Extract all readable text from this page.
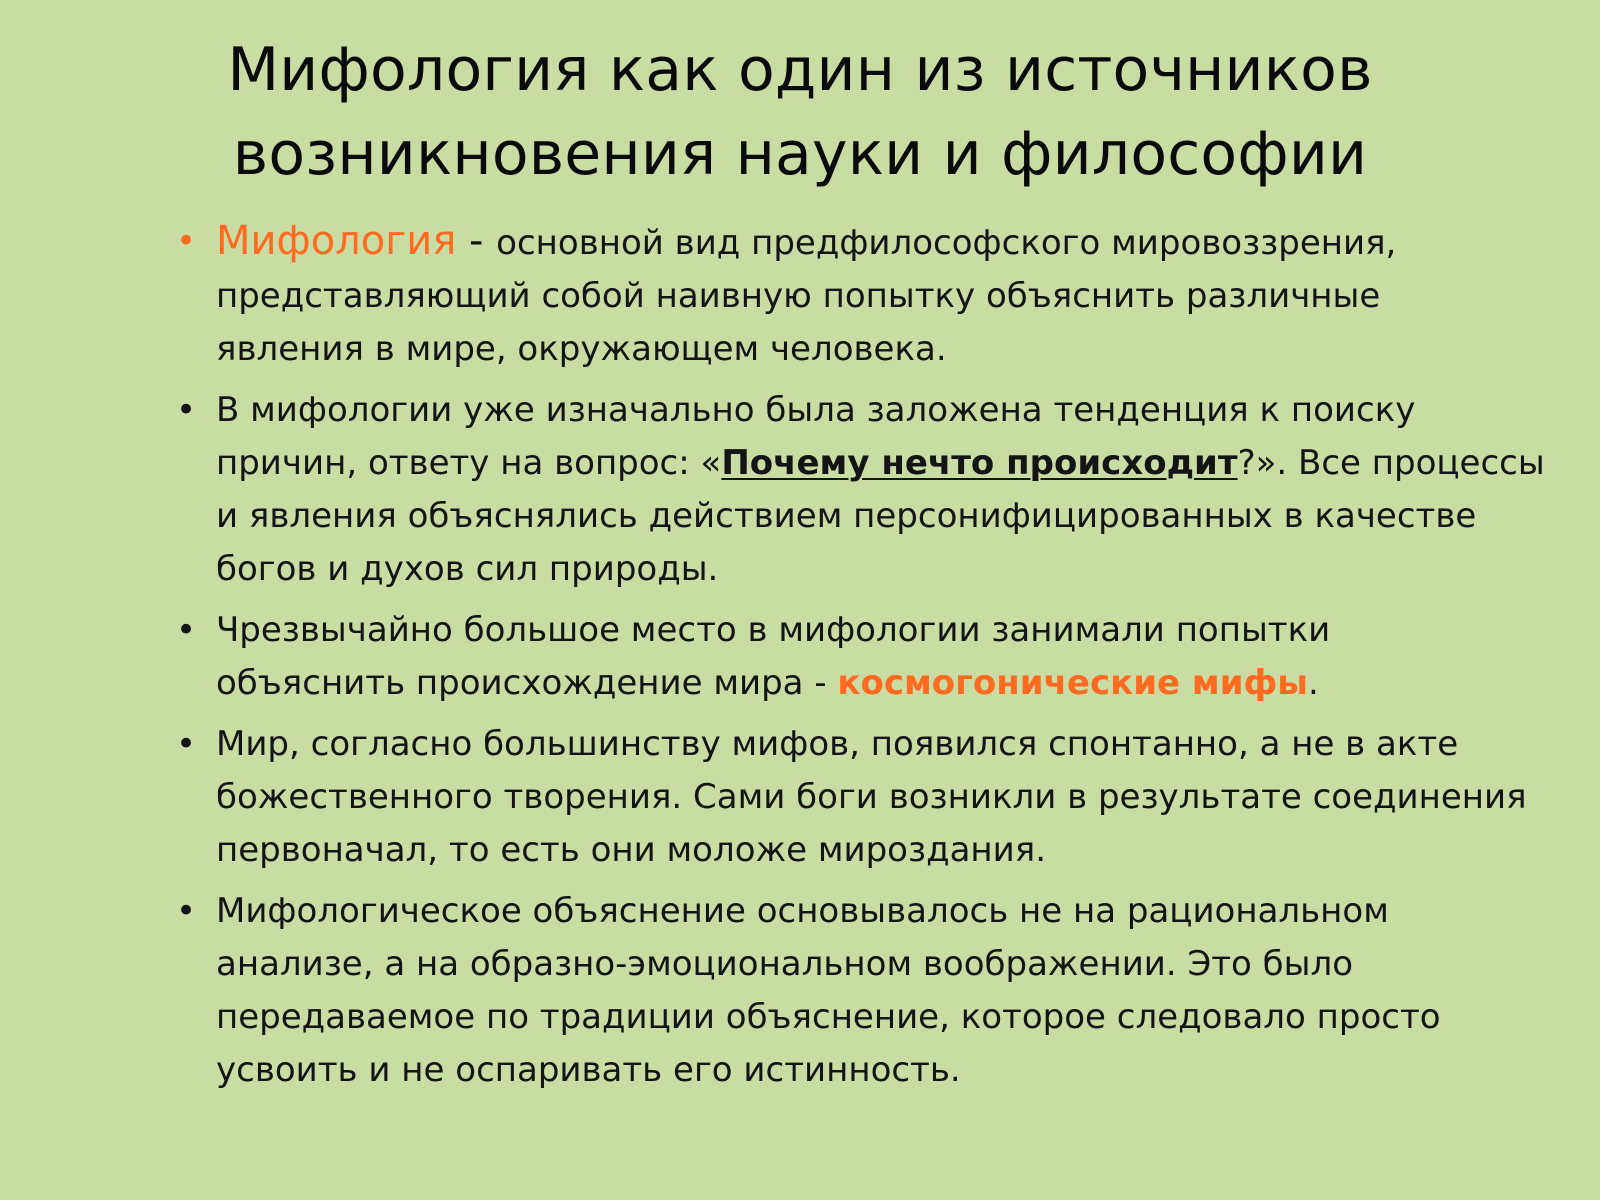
Мифология как один из источников
возникновения науки и философии
• Мифология - основной вид предфилософского мировоззрения,
представляющий собой наивную попытку объяснить различные
явления в мире, окружающем человека.
• В мифологии уже изначально была заложена тенденция к поиску
причин, ответу на вопрос: «Почему нечто происходит?». Все процессы
и явления объяснялись действием персонифицированных в качестве
богов и духов сил природы.
• Чрезвычайно большое место в мифологии занимали попытки
объяснить происхождение мира - космогонические мифы.
• Мир, согласно большинству мифов, появился спонтанно, а не в акте
божественного творения. Сами боги возникли в результате соединения
первоначал, то есть они моложе мироздания.
• Мифологическое объяснение основывалось не на рациональном
анализе, а на образно-эмоциональном воображении. Это было
передаваемое по традиции объяснение, которое следовало просто
усвоить и не оспаривать его истинность.
